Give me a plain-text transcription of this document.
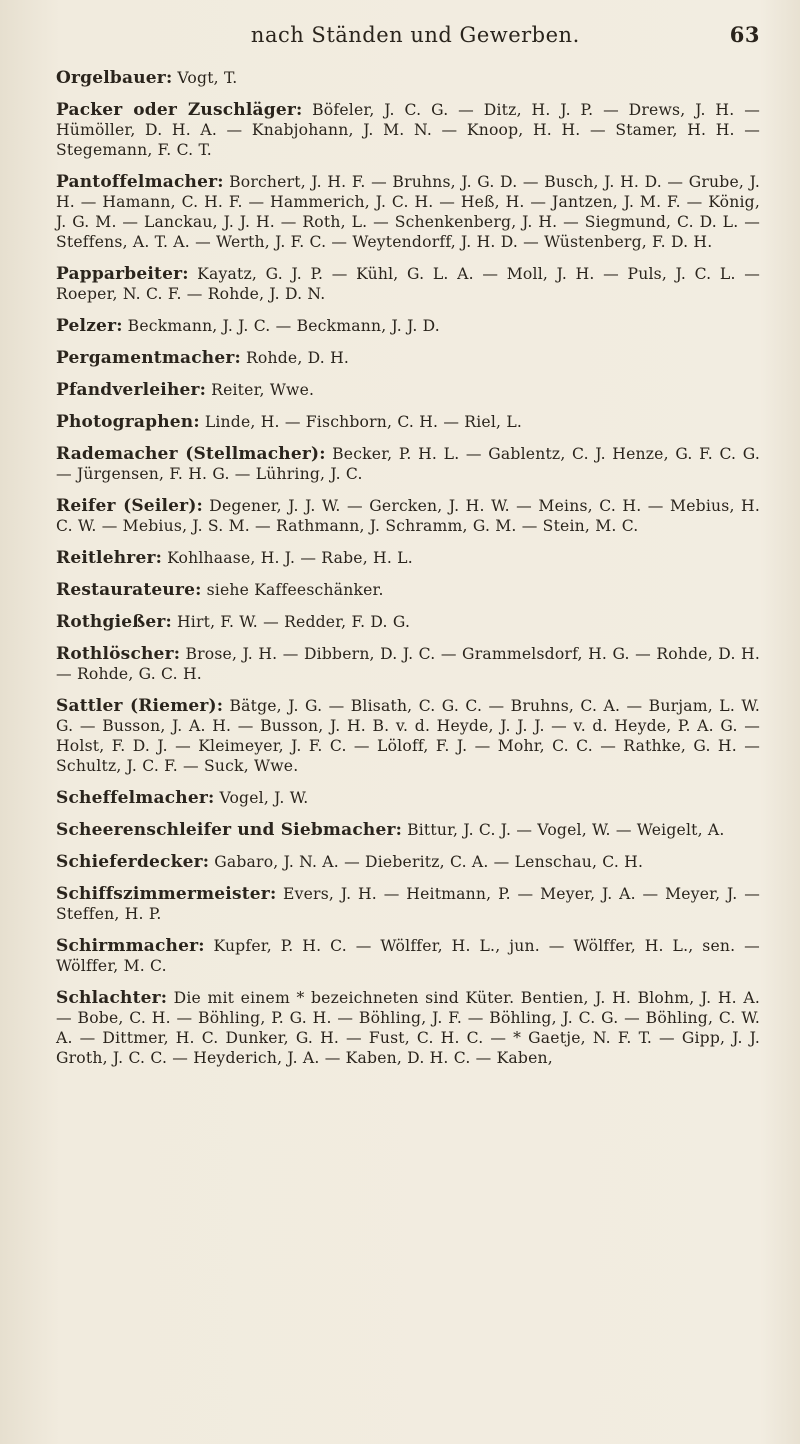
nach Ständen und Gewerben.	63
Orgelbauer: Vogt, T.
Packer oder Zuschläger: Böfeler, J. C. G. — Ditz, H. J. P. — Drews, J. H. — Hümöller, D. H. A. — Knabjohann, J. M. N. — Knoop, H. H. — Stamer, H. H. — Stegemann, F. C. T.
Pantoffelmacher: Borchert, J. H. F. — Bruhns, J. G. D. — Busch, J. H. D. — Grube, J. H. — Hamann, C. H. F. — Hammerich, J. C. H. — Heß, H. — Jantzen, J. M. F. — König, J. G. M. — Lanckau, J. J. H. — Roth, L. — Schenkenberg, J. H. — Siegmund, C. D. L. — Steffens, A. T. A. — Werth, J. F. C. — Weytendorff, J. H. D. — Wüstenberg, F. D. H.
Papparbeiter: Kayatz, G. J. P. — Kühl, G. L. A. — Moll, J. H. — Puls, J. C. L. — Roeper, N. C. F. — Rohde, J. D. N.
Pelzer: Beckmann, J. J. C. — Beckmann, J. J. D.
Pergamentmacher: Rohde, D. H.
Pfandverleiher: Reiter, Wwe.
Photographen: Linde, H. — Fischborn, C. H. — Riel, L.
Rademacher (Stellmacher): Becker, P. H. L. — Gablentz, C. J. Henze, G. F. C. G. — Jürgensen, F. H. G. — Lühring, J. C.
Reifer (Seiler): Degener, J. J. W. — Gercken, J. H. W. — Meins, C. H. — Mebius, H. C. W. — Mebius, J. S. M. — Rathmann, J. Schramm, G. M. — Stein, M. C.
Reitlehrer: Kohlhaase, H. J. — Rabe, H. L.
Restaurateure: siehe Kaffeeschänker.
Rothgießer: Hirt, F. W. — Redder, F. D. G.
Rothlöscher: Brose, J. H. — Dibbern, D. J. C. — Grammelsdorf, H. G. — Rohde, D. H. — Rohde, G. C. H.
Sattler (Riemer): Bätge, J. G. — Blisath, C. G. C. — Bruhns, C. A. — Burjam, L. W. G. — Busson, J. A. H. — Busson, J. H. B. v. d. Heyde, J. J. J. — v. d. Heyde, P. A. G. — Holst, F. D. J. — Kleimeyer, J. F. C. — Löloff, F. J. — Mohr, C. C. — Rathke, G. H. — Schultz, J. C. F. — Suck, Wwe.
Scheffelmacher: Vogel, J. W.
Scheerenschleifer und Siebmacher: Bittur, J. C. J. — Vogel, W. — Weigelt, A.
Schieferdecker: Gabaro, J. N. A. — Dieberitz, C. A. — Lenschau, C. H.
Schiffszimmermeister: Evers, J. H. — Heitmann, P. — Meyer, J. A. — Meyer, J. — Steffen, H. P.
Schirmmacher: Kupfer, P. H. C. — Wölffer, H. L., jun. — Wölffer, H. L., sen. — Wölffer, M. C.
Schlachter: Die mit einem * bezeichneten sind Küter. Bentien, J. H. Blohm, J. H. A. — Bobe, C. H. — Böhling, P. G. H. — Böhling, J. F. — Böhling, J. C. G. — Böhling, C. W. A. — Dittmer, H. C. Dunker, G. H. — Fust, C. H. C. — * Gaetje, N. F. T. — Gipp, J. J. Groth, J. C. C. — Heyderich, J. A. — Kaben, D. H. C. — Kaben,
